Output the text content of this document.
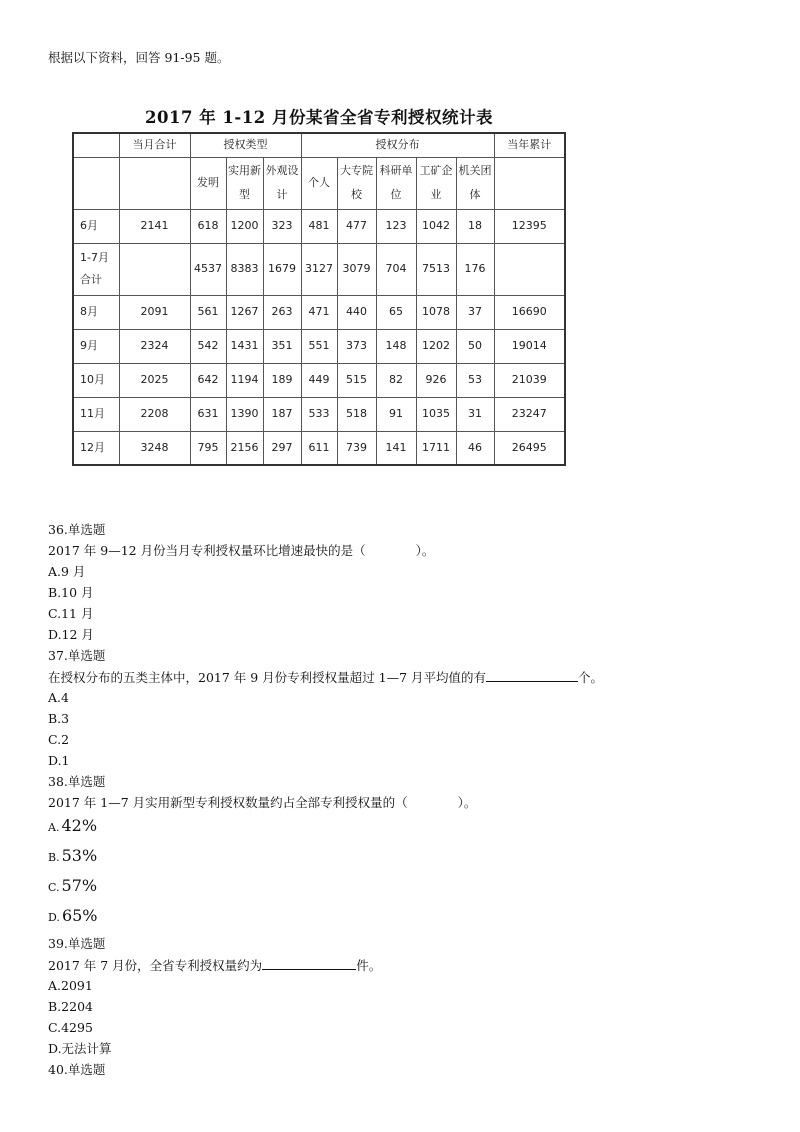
根据以下资料，回答 91-95 题。
2017 年 1-12 月份某省全省专利授权统计表
	当月合计	授权类型			授权分布					当年累计
		发明	实用新型	外观设计	个人	大专院校	科研单位	工矿企业	机关团体	
6月	2141	618	1200	323	481	477	123	1042	18	12395
1-7月合计		4537	8383	1679	3127	3079	704	7513	176	
8月	2091	561	1267	263	471	440	65	1078	37	16690
9月	2324	542	1431	351	551	373	148	1202	50	19014
10月	2025	642	1194	189	449	515	82	926	53	21039
11月	2208	631	1390	187	533	518	91	1035	31	23247
12月	3248	795	2156	297	611	739	141	1711	46	26495
36.单选题
2017 年 9—12 月份当月专利授权量环比增速最快的是（　　　　）。
A.9 月
B.10 月
C.11 月
D.12 月
37.单选题
在授权分布的五类主体中，2017 年 9 月份专利授权量超过 1—7 月平均值的有	个。
A.4
B.3
C.2
D.1
38.单选题
2017 年 1—7 月实用新型专利授权数量约占全部专利授权量的（　　　　）。
A. 42%
B. 53%
C. 57%
D. 65%
39.单选题
2017 年 7 月份，全省专利授权量约为	件。
A.2091
B.2204
C.4295
D.无法计算
40.单选题
